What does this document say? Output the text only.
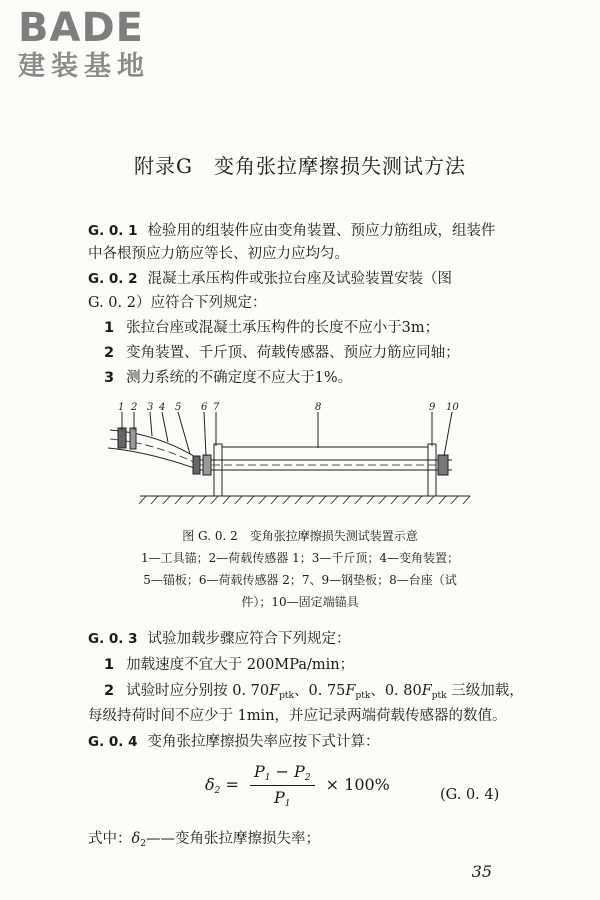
BADE
建装基地
附录G　变角张拉摩擦损失测试方法
G. 0. 1 检验用的组装件应由变角装置、预应力筋组成，组装件
中各根预应力筋应等长、初应力应均匀。
G. 0. 2 混凝土承压构件或张拉台座及试验装置安装（图
G. 0. 2）应符合下列规定：
1 张拉台座或混凝土承压构件的长度不应小于3m；
2 变角装置、千斤顶、荷载传感器、预应力筋应同轴；
3 测力系统的不确定度不应大于1%。
1 2 3 4 5 6 7	8	9 10
图 G. 0. 2　变角张拉摩擦损失测试装置示意
1—工具锚；2—荷载传感器 1；3—千斤顶；4—变角装置；
5—锚板；6—荷载传感器 2；7、9—钢垫板；8—台座（试
件）；10—固定端锚具
G. 0. 3 试验加载步骤应符合下列规定：
1 加载速度不宜大于 200MPa/min；
2 试验时应分别按 0. $70F_{ptk}$、0. $75F_{ptk}$、0. $80F_{ptk}$ 三级加载，
每级持荷时间不应少于 1min，并应记录两端荷载传感器的数值。
G. 0. 4 变角张拉摩擦损失率应按下式计算：
$\delta_2 = \frac{P_1 - P_2}{P_1} \times 100\%$
(G. 0. 4)
式中：$\delta_2——$变角张拉摩擦损失率；
35
